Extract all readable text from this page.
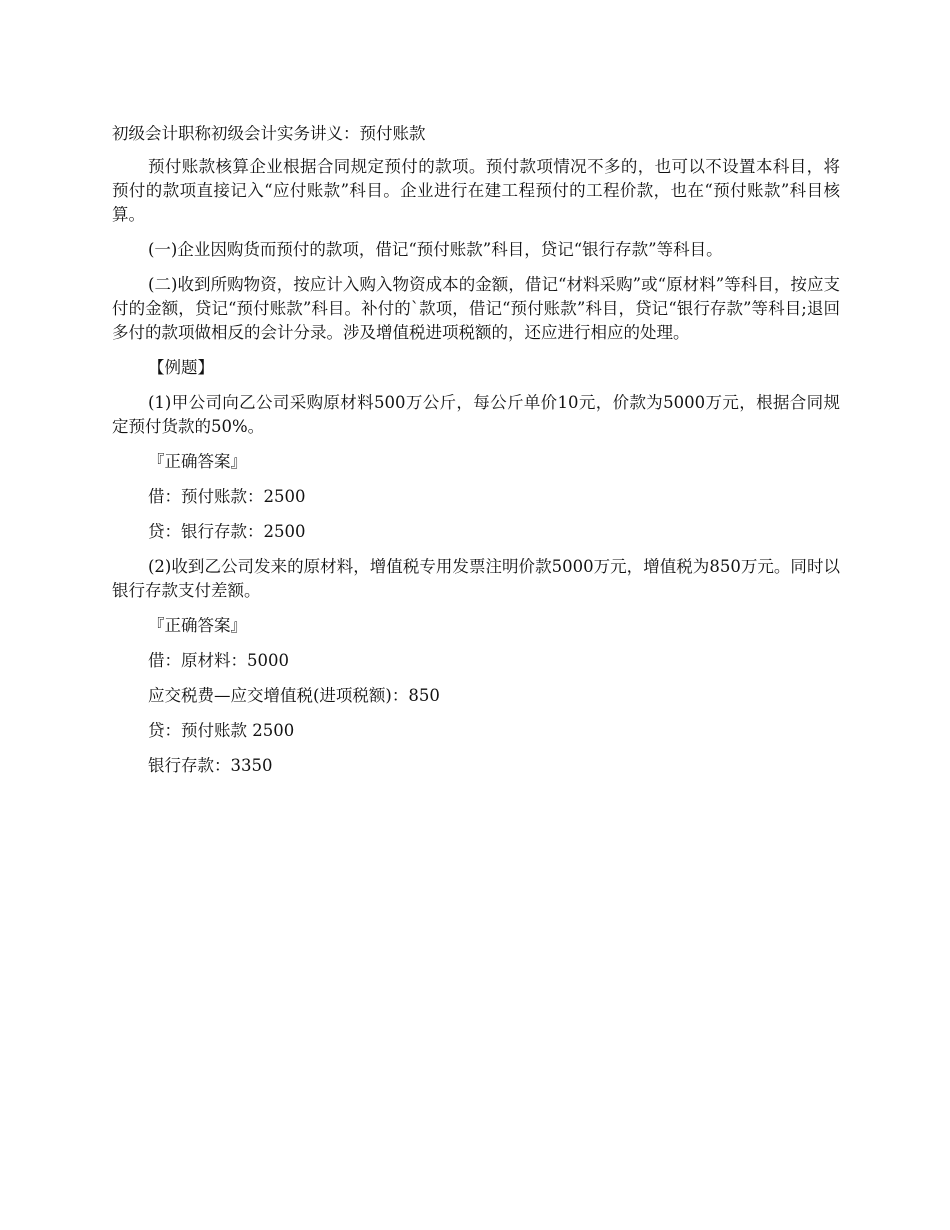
初级会计职称初级会计实务讲义：预付账款

预付账款核算企业根据合同规定预付的款项。预付款项情况不多的，也可以不设置本科目，将预付的款项直接记入“应付账款”科目。企业进行在建工程预付的工程价款，也在“预付账款”科目核算。

(一)企业因购货而预付的款项，借记“预付账款”科目，贷记“银行存款”等科目。

(二)收到所购物资，按应计入购入物资成本的金额，借记“材料采购”或“原材料”等科目，按应支付的金额，贷记“预付账款”科目。补付的`款项，借记“预付账款”科目，贷记“银行存款”等科目;退回多付的款项做相反的会计分录。涉及增值税进项税额的，还应进行相应的处理。

【例题】

(1)甲公司向乙公司采购原材料500万公斤，每公斤单价10元，价款为5000万元，根据合同规定预付货款的50%。

『正确答案』

借：预付账款：2500

贷：银行存款：2500

(2)收到乙公司发来的原材料，增值税专用发票注明价款5000万元，增值税为850万元。同时以银行存款支付差额。

『正确答案』

借：原材料：5000

应交税费—应交增值税(进项税额)：850

贷：预付账款 2500

银行存款：3350
